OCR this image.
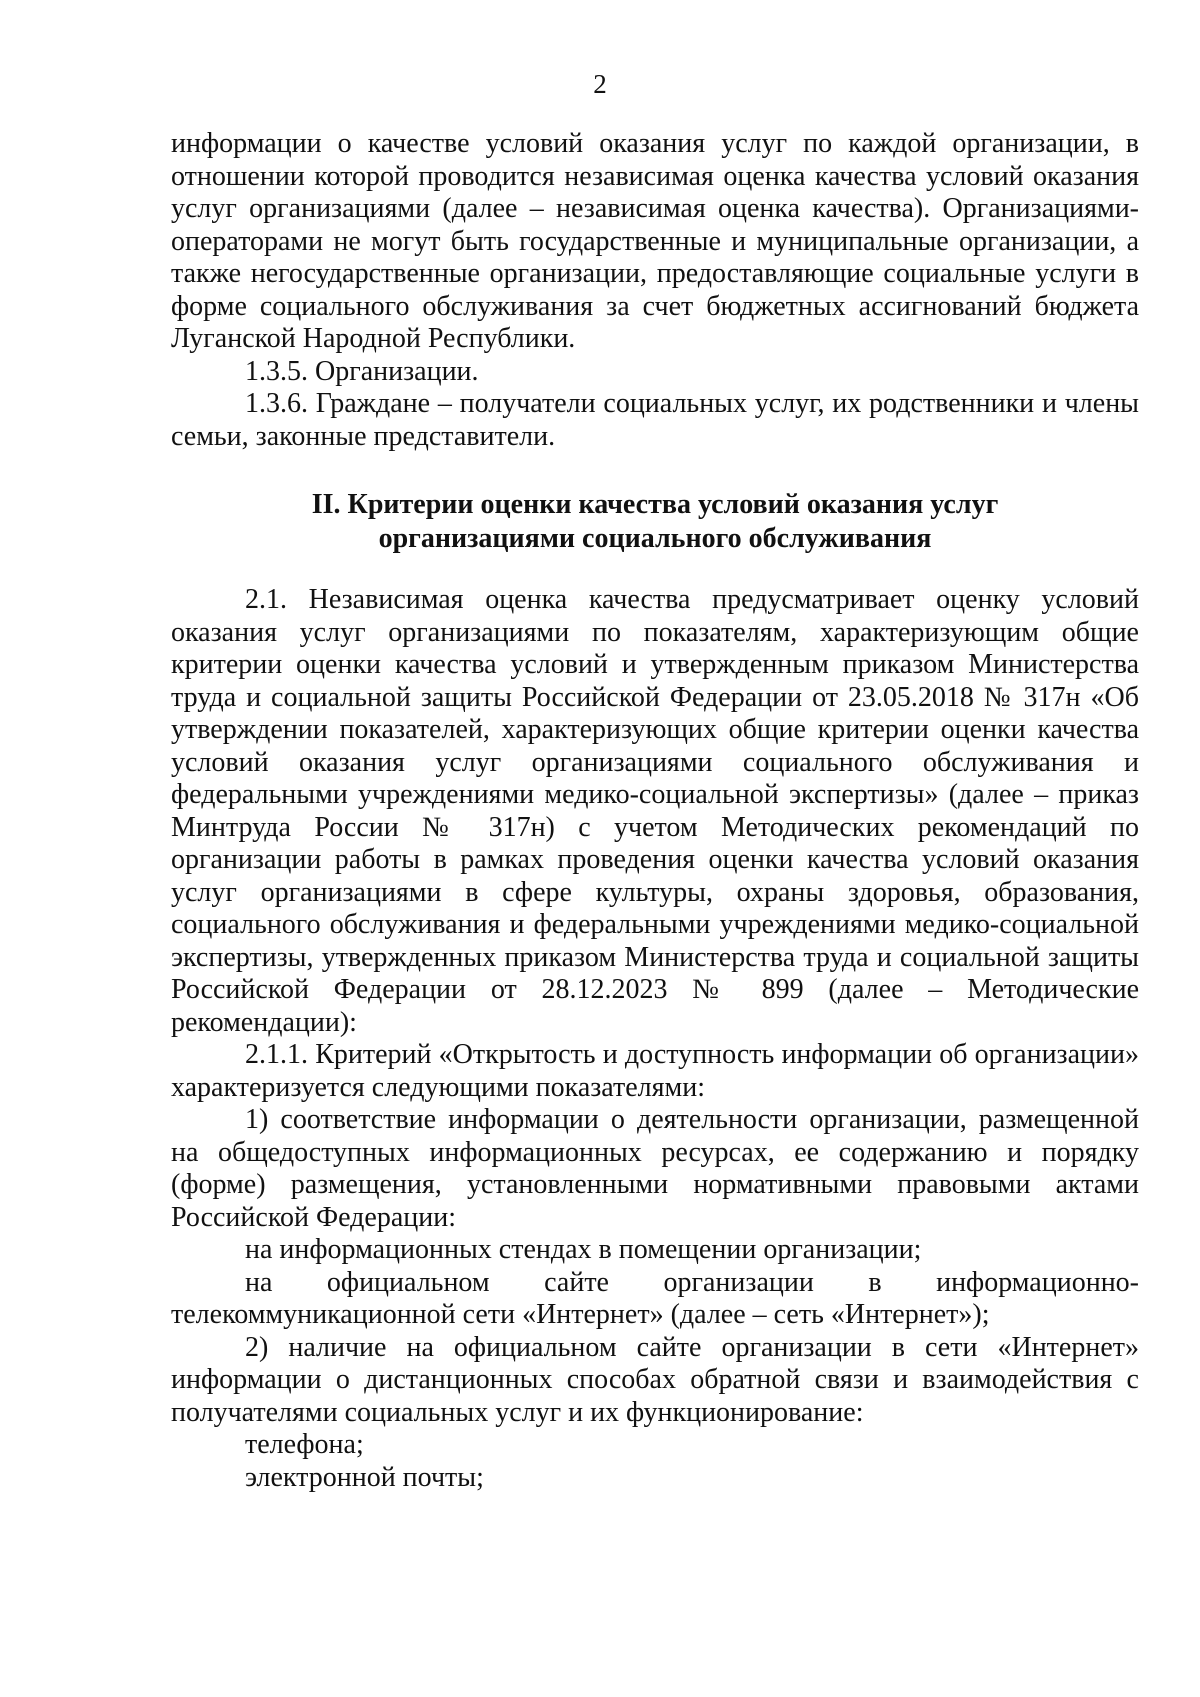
2

информации о качестве условий оказания услуг по каждой организации, в отношении которой проводится независимая оценка качества условий оказания услуг организациями (далее – независимая оценка качества). Организациями-операторами не могут быть государственные и муниципальные организации, а также негосударственные организации, предоставляющие социальные услуги в форме социального обслуживания за счет бюджетных ассигнований бюджета Луганской Народной Республики.

1.3.5. Организации.

1.3.6. Граждане – получатели социальных услуг, их родственники и члены семьи, законные представители.

II. Критерии оценки качества условий оказания услуг
организациями социального обслуживания

2.1. Независимая оценка качества предусматривает оценку условий оказания услуг организациями по показателям, характеризующим общие критерии оценки качества условий и утвержденным приказом Министерства труда и социальной защиты Российской Федерации от 23.05.2018 № 317н «Об утверждении показателей, характеризующих общие критерии оценки качества условий оказания услуг организациями социального обслуживания и федеральными учреждениями медико-социальной экспертизы» (далее – приказ Минтруда России № 317н) с учетом Методических рекомендаций по организации работы в рамках проведения оценки качества условий оказания услуг организациями в сфере культуры, охраны здоровья, образования, социального обслуживания и федеральными учреждениями медико-социальной экспертизы, утвержденных приказом Министерства труда и социальной защиты Российской Федерации от 28.12.2023 № 899 (далее – Методические рекомендации):

2.1.1. Критерий «Открытость и доступность информации об организации» характеризуется следующими показателями:

1) соответствие информации о деятельности организации, размещенной на общедоступных информационных ресурсах, ее содержанию и порядку (форме) размещения, установленными нормативными правовыми актами Российской Федерации:

на информационных стендах в помещении организации;

на официальном сайте организации в информационно-телекоммуникационной сети «Интернет» (далее – сеть «Интернет»);

2) наличие на официальном сайте организации в сети «Интернет» информации о дистанционных способах обратной связи и взаимодействия с получателями социальных услуг и их функционирование:

телефона;

электронной почты;
